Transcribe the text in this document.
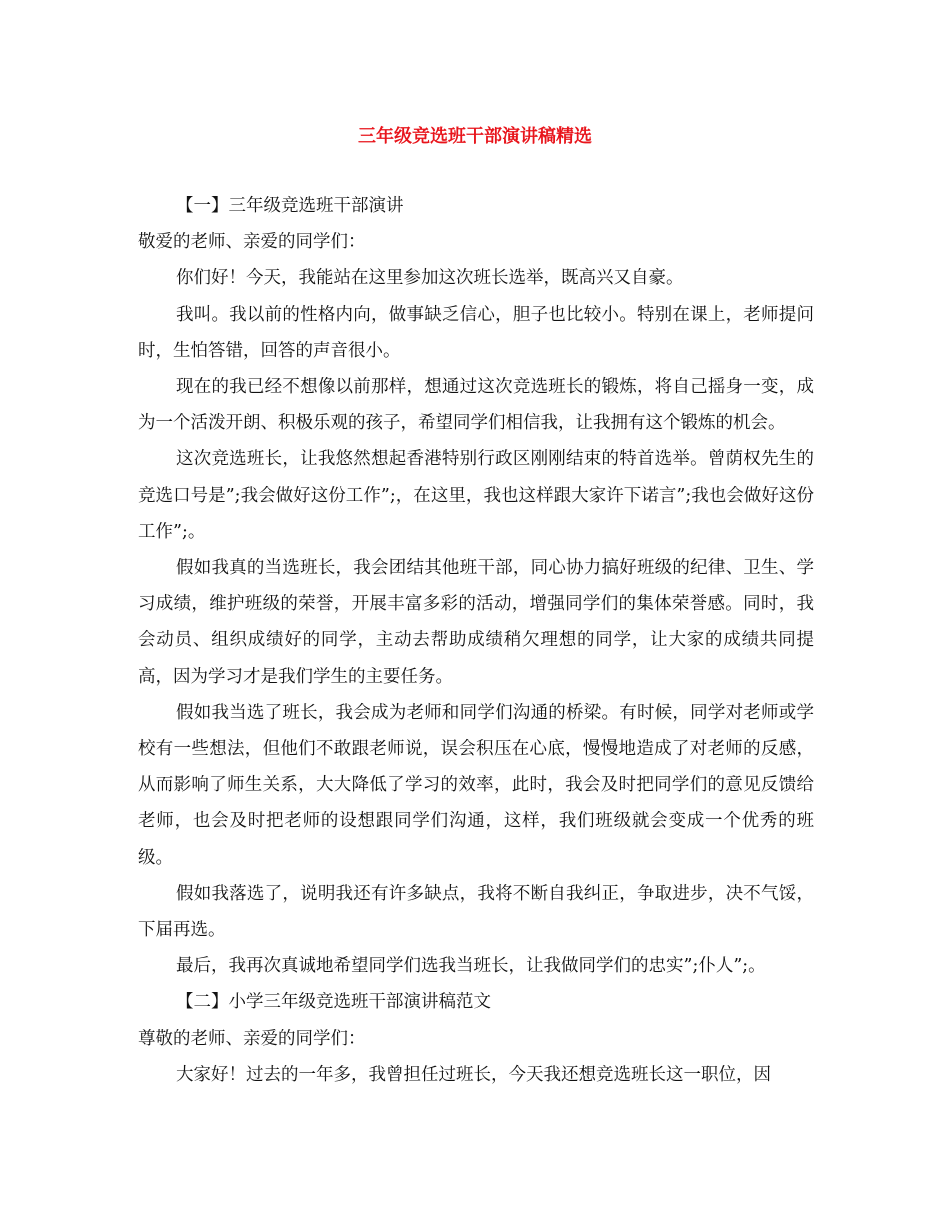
三年级竞选班干部演讲稿精选

【一】三年级竞选班干部演讲

敬爱的老师、亲爱的同学们：

你们好！今天，我能站在这里参加这次班长选举，既高兴又自豪。

我叫。我以前的性格内向，做事缺乏信心，胆子也比较小。特别在课上，老师提问时，生怕答错，回答的声音很小。

现在的我已经不想像以前那样，想通过这次竞选班长的锻炼，将自己摇身一变，成为一个活泼开朗、积极乐观的孩子，希望同学们相信我，让我拥有这个锻炼的机会。

这次竞选班长，让我悠然想起香港特别行政区刚刚结束的特首选举。曾荫权先生的竞选口号是”;我会做好这份工作”;，在这里，我也这样跟大家许下诺言”;我也会做好这份工作”;。

假如我真的当选班长，我会团结其他班干部，同心协力搞好班级的纪律、卫生、学习成绩，维护班级的荣誉，开展丰富多彩的活动，增强同学们的集体荣誉感。同时，我会动员、组织成绩好的同学，主动去帮助成绩稍欠理想的同学，让大家的成绩共同提高，因为学习才是我们学生的主要任务。

假如我当选了班长，我会成为老师和同学们沟通的桥梁。有时候，同学对老师或学校有一些想法，但他们不敢跟老师说，误会积压在心底，慢慢地造成了对老师的反感，从而影响了师生关系，大大降低了学习的效率，此时，我会及时把同学们的意见反馈给老师，也会及时把老师的设想跟同学们沟通，这样，我们班级就会变成一个优秀的班级。

假如我落选了，说明我还有许多缺点，我将不断自我纠正，争取进步，决不气馁，下届再选。

最后，我再次真诚地希望同学们选我当班长，让我做同学们的忠实”;仆人”;。

【二】小学三年级竞选班干部演讲稿范文

尊敬的老师、亲爱的同学们：

大家好！过去的一年多，我曾担任过班长，今天我还想竞选班长这一职位，因
